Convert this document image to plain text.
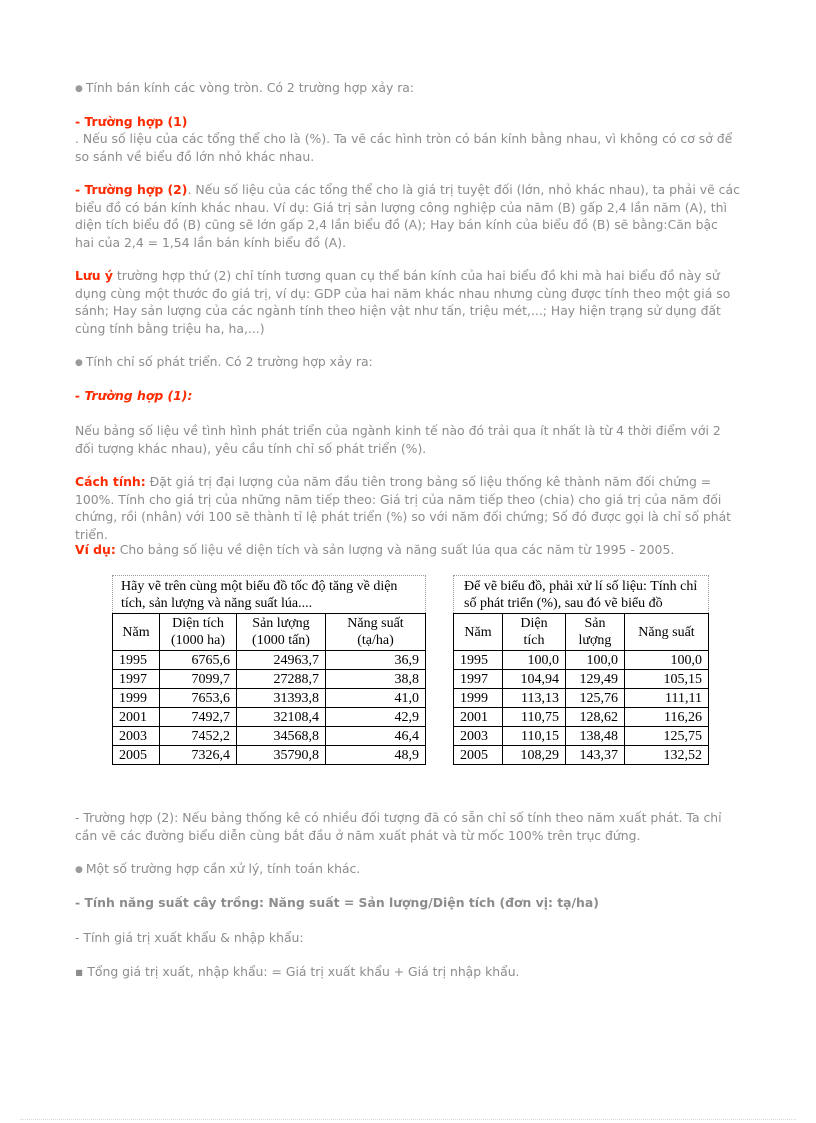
● Tính bán kính các vòng tròn. Có 2 trường hợp xảy ra:

- Trường hợp (1)

. Nếu số liệu của các tổng thể cho là (%). Ta vẽ các hình tròn có bán kính bằng nhau, vì không có cơ sở để so sánh về biểu đồ lớn nhỏ khác nhau.

- Trường hợp (2). Nếu số liệu của các tổng thể cho là giá trị tuyệt đối (lớn, nhỏ khác nhau), ta phải vẽ các biểu đồ có bán kính khác nhau. Ví dụ: Giá trị sản lượng công nghiệp của năm (B) gấp 2,4 lần năm (A), thì diện tích biểu đồ (B) cũng sẽ lớn gấp 2,4 lần biểu đồ (A); Hay bán kính của biểu đồ (B) sẽ bằng:Căn bậc hai của 2,4 = 1,54 lần bán kính biểu đồ (A).

Lưu ý trường hợp thứ (2) chỉ tính tương quan cụ thể bán kính của hai biểu đồ khi mà hai biểu đồ này sử dụng cùng một thước đo giá trị, ví dụ: GDP của hai năm khác nhau nhưng cùng được tính theo một giá so sánh; Hay sản lượng của các ngành tính theo hiện vật như tấn, triệu mét,...; Hay hiện trạng sử dụng đất cùng tính bằng triệu ha, ha,...)

● Tính chỉ số phát triển. Có 2 trường hợp xảy ra:

- Trường hợp (1):

Nếu bảng số liệu về tình hình phát triển của ngành kinh tế nào đó trải qua ít nhất là từ 4 thời điểm với 2 đối tượng khác nhau), yêu cầu tính chỉ số phát triển (%).

Cách tính: Đặt giá trị đại lượng của năm đầu tiên trong bảng số liệu thống kê thành năm đối chứng = 100%. Tính cho giá trị của những năm tiếp theo: Giá trị của năm tiếp theo (chia) cho giá trị của năm đối chứng, rồi (nhân) với 100 sẽ thành tỉ lệ phát triển (%) so với năm đối chứng; Số đó được gọi là chỉ số phát triển.

Ví dụ: Cho bảng số liệu về diện tích và sản lượng và năng suất lúa qua các năm từ 1995 - 2005.

Hãy vẽ trên cùng một biểu đồ tốc độ tăng về diện tích, sản lượng và năng suất lúa....
Năm	Diện tích (1000 ha)	Sản lượng (1000 tấn)	Năng suất (tạ/ha)
1995	6765,6	24963,7	36,9
1997	7099,7	27288,7	38,8
1999	7653,6	31393,8	41,0
2001	7492,7	32108,4	42,9
2003	7452,2	34568,8	46,4
2005	7326,4	35790,8	48,9
Để vẽ biểu đồ, phải xử lí số liệu: Tính chỉ số phát triển (%), sau đó vẽ biểu đồ
Năm	Diện tích	Sản lượng	Năng suất
1995	100,0	100,0	100,0
1997	104,94	129,49	105,15
1999	113,13	125,76	111,11
2001	110,75	128,62	116,26
2003	110,15	138,48	125,75
2005	108,29	143,37	132,52

- Trường hợp (2): Nếu bảng thống kê có nhiều đối tượng đã có sẵn chỉ số tính theo năm xuất phát. Ta chỉ cần vẽ các đường biểu diễn cùng bắt đầu ở năm xuất phát và từ mốc 100% trên trục đứng.

● Một số trường hợp cần xử lý, tính toán khác.

- Tính năng suất cây trồng: Năng suất = Sản lượng/Diện tích (đơn vị: tạ/ha)

- Tính giá trị xuất khẩu & nhập khẩu:

▪ Tổng giá trị xuất, nhập khẩu: = Giá trị xuất khẩu + Giá trị nhập khẩu.
